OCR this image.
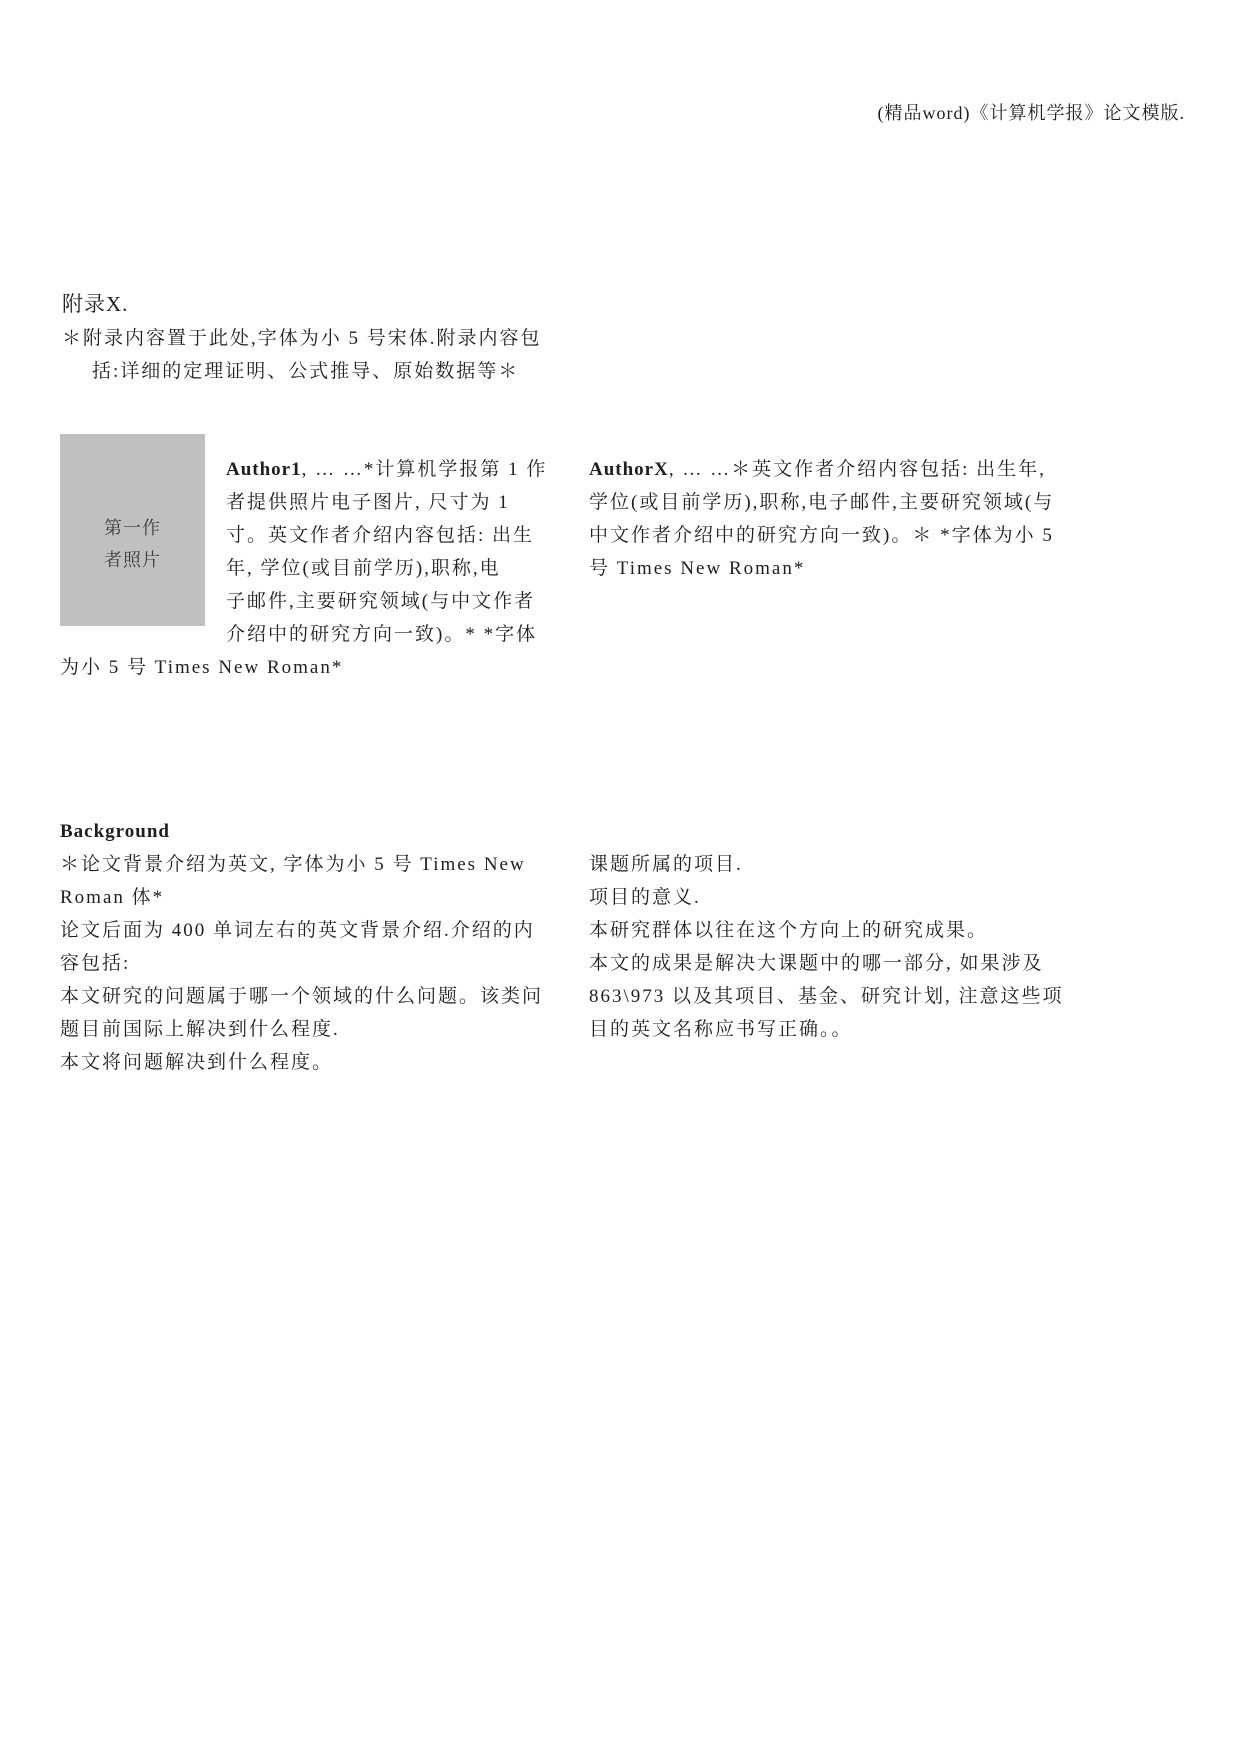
(精品word)《计算机学报》论文模版.
附录X.
＊附录内容置于此处,字体为小 5 号宋体.附录内容包
括:详细的定理证明、公式推导、原始数据等＊
第一作
者照片
Author1, … …*计算机学报第 1 作
者提供照片电子图片, 尺寸为 1
寸。英文作者介绍内容包括: 出生
年, 学位(或目前学历),职称,电
子邮件,主要研究领域(与中文作者
介绍中的研究方向一致)。* *字体
为小 5 号 Times New Roman*
AuthorX, … …＊英文作者介绍内容包括: 出生年,
学位(或目前学历),职称,电子邮件,主要研究领域(与
中文作者介绍中的研究方向一致)。＊ *字体为小 5
号 Times New Roman*
Background
＊论文背景介绍为英文, 字体为小 5 号 Times New
Roman 体*
论文后面为 400 单词左右的英文背景介绍.介绍的内
容包括:
本文研究的问题属于哪一个领域的什么问题。该类问
题目前国际上解决到什么程度.
本文将问题解决到什么程度。
课题所属的项目.
项目的意义.
本研究群体以往在这个方向上的研究成果。
本文的成果是解决大课题中的哪一部分, 如果涉及
863\973 以及其项目、基金、研究计划, 注意这些项
目的英文名称应书写正确。。
